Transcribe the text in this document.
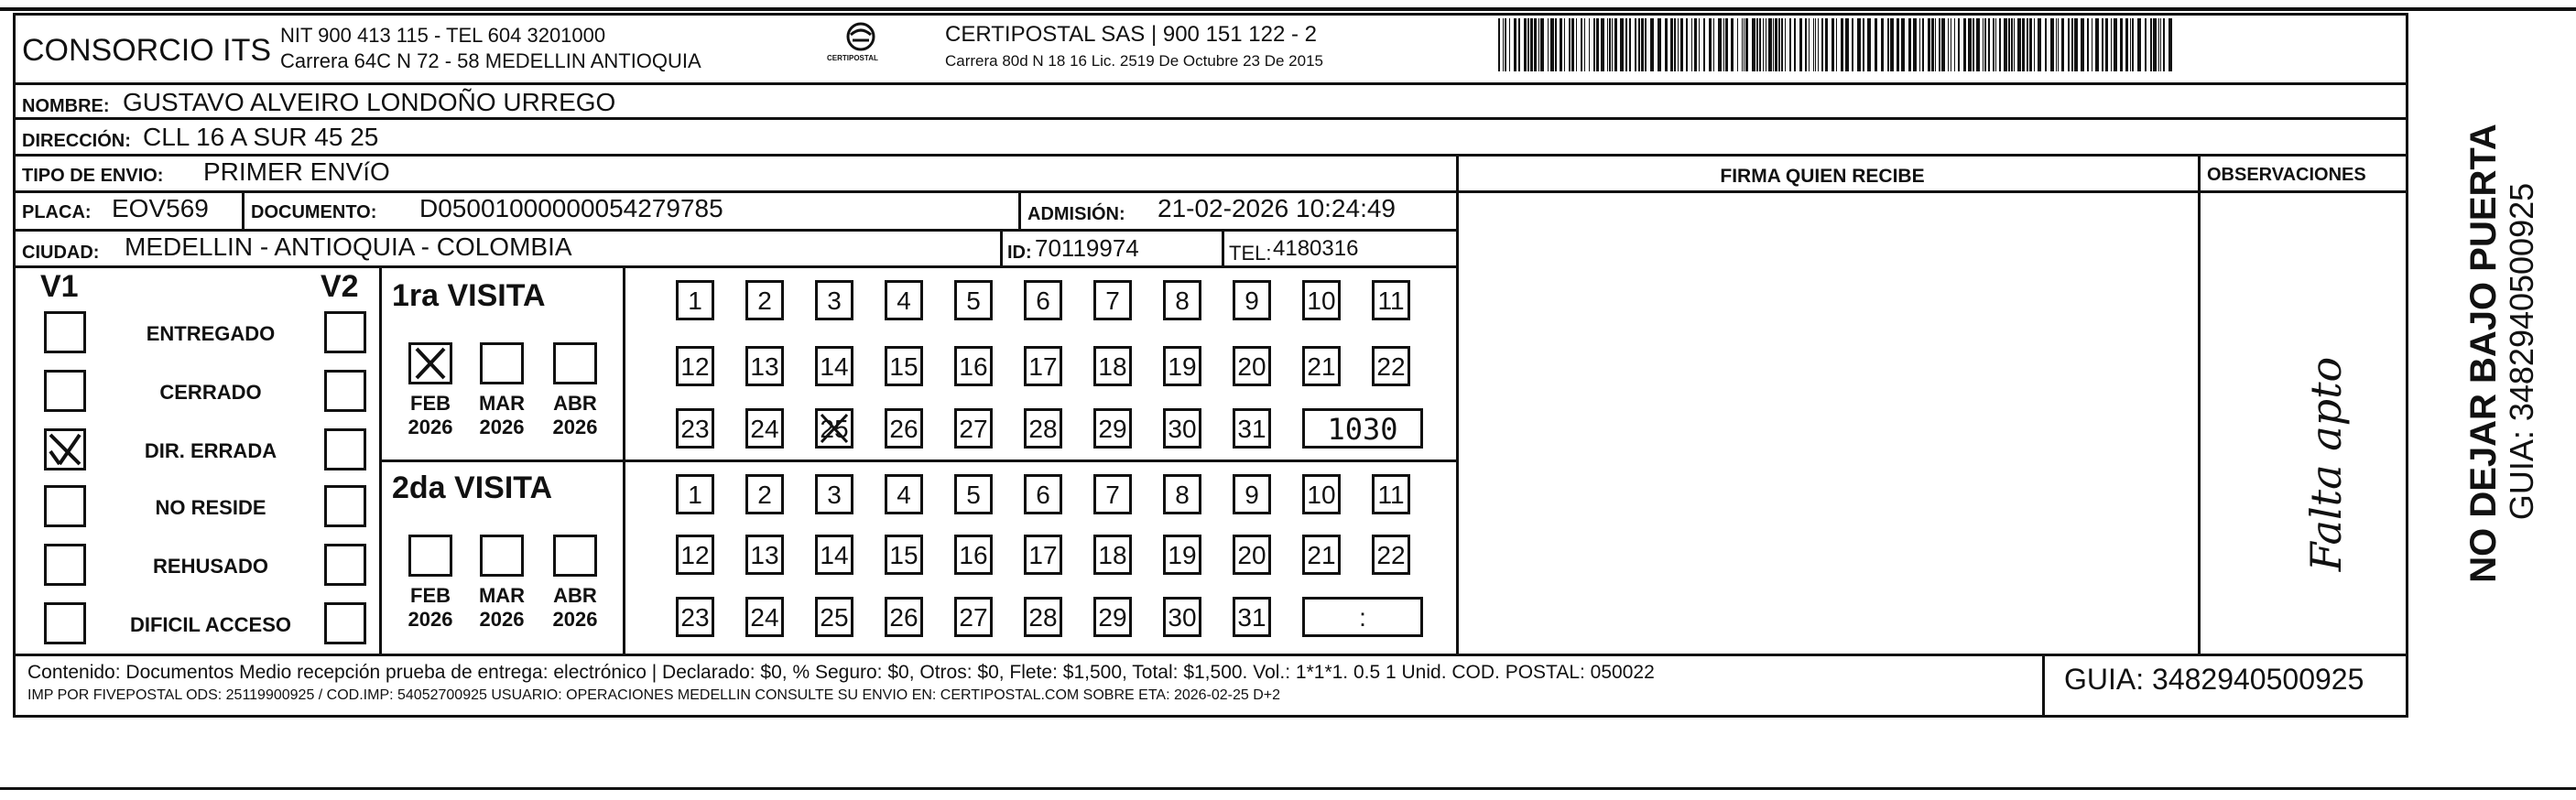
CONSORCIO ITS NIT 900 413 115 - TEL 604 3201000
Carrera 64C N 72 - 58 MEDELLIN ANTIOQUIA	CERTIPOSTAL
CERTIPOSTAL SAS | 900 151 122 - 2
Carrera 80d N 18 16 Lic. 2519 De Octubre 23 De 2015
NOMBRE: GUSTAVO ALVEIRO LONDOÑO URREGO
DIRECCIÓN: CLL 16 A SUR 45 25
TIPO DE ENVIO: PRIMER ENVíO	FIRMA QUIEN RECIBE	OBSERVACIONES
PLACA: EOV569 DOCUMENTO: D05001000000054279785	ADMISIÓN: 21-02-2026 10:24:49
CIUDAD: MEDELLIN - ANTIOQUIA - COLOMBIA	ID: 70119974	TEL: 4180316
V1	V2
ENTREGADO
CERRADO
DIR. ERRADA
NO RESIDE
REHUSADO
DIFICIL ACCESO
1ra VISITA
FEB
2026
MAR
2026
ABR
2026
1	2	3	4	5	6	7	8	9	10 11
12 13 14 15 16 17 18 19 20 21 22
23 24 25 26 27 28 29 30 31	1030
2da VISITA
FEB
2026
MAR
2026
ABR
2026
1	2	3	4	5	6	7	8	9	10 11
12 13 14 15 16 17 18 19 20 21 22
23 24 25 26 27 28 29 30 31	:
Falta apto
Contenido: Documentos Medio recepción prueba de entrega: electrónico | Declarado: $0, % Seguro: $0, Otros: $0, Flete: $1,500, Total: $1,500. Vol.: 1*1*1. 0.5 1 Unid. COD. POSTAL: 050022
IMP POR FIVEPOSTAL ODS: 25119900925 / COD.IMP: 54052700925 USUARIO: OPERACIONES MEDELLIN CONSULTE SU ENVIO EN: CERTIPOSTAL.COM SOBRE ETA: 2026-02-25 D+2	GUIA: 3482940500925
NO DEJAR BAJO PUERTA GUIA: 3482940500925
